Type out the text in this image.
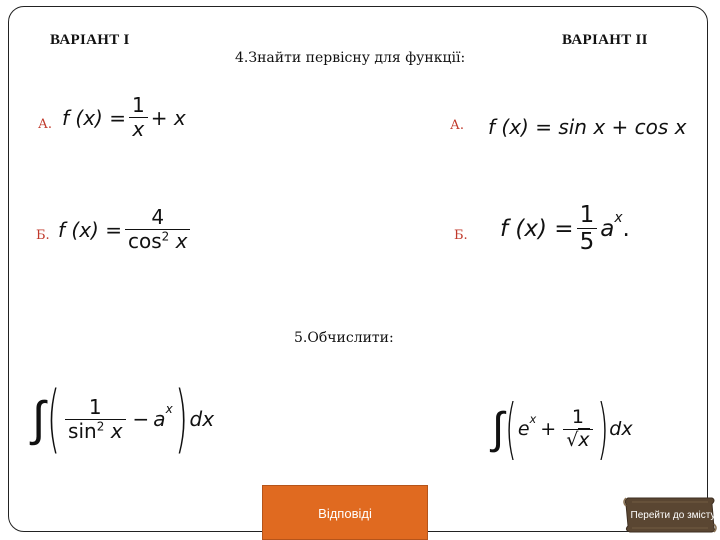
ВАРІАНТ І	ВАРІАНТ ІІ
4.Знайти первісну для функції:
А. f $(x) = \frac{1}{x} + x$	А. f (x) = sin x + cos x
Б. f $(x) = \frac{4}{\cos^2 x}$	Б. f $(x) = \frac{1}{5} a^x$ .
5.Обчислити:
∫ ( $\frac{1}{\sin^2 x} - a^x$ ) dx	∫ ( $e^x + \frac{1}{√x}$ ) dx
Відповіді	Перейти до змісту
